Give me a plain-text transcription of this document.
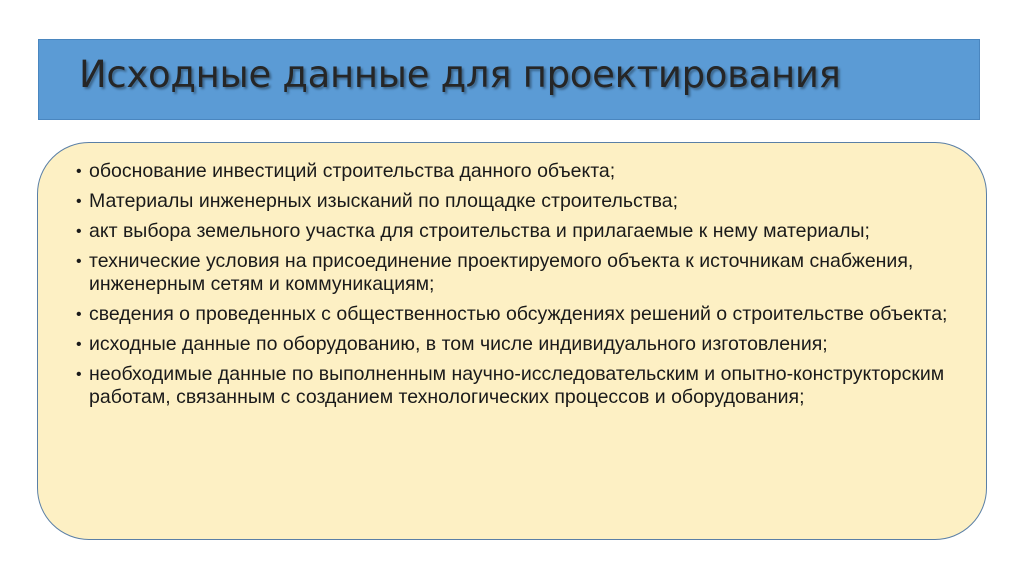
Исходные данные для проектирования
• обоснование инвестиций строительства данного объекта;
• Материалы инженерных изысканий по площадке строительства;
• акт выбора земельного участка для строительства и прилагаемые к нему материалы;
• технические условия на присоединение проектируемого объекта к источникам снабжения, инженерным сетям и коммуникациям;
• сведения о проведенных с общественностью обсуждениях решений о строительстве объекта;
• исходные данные по оборудованию, в том числе индивидуального изготовления;
• необходимые данные по выполненным научно-исследовательским и опытно-конструкторским работам, связанным с созданием технологических процессов и оборудования;
